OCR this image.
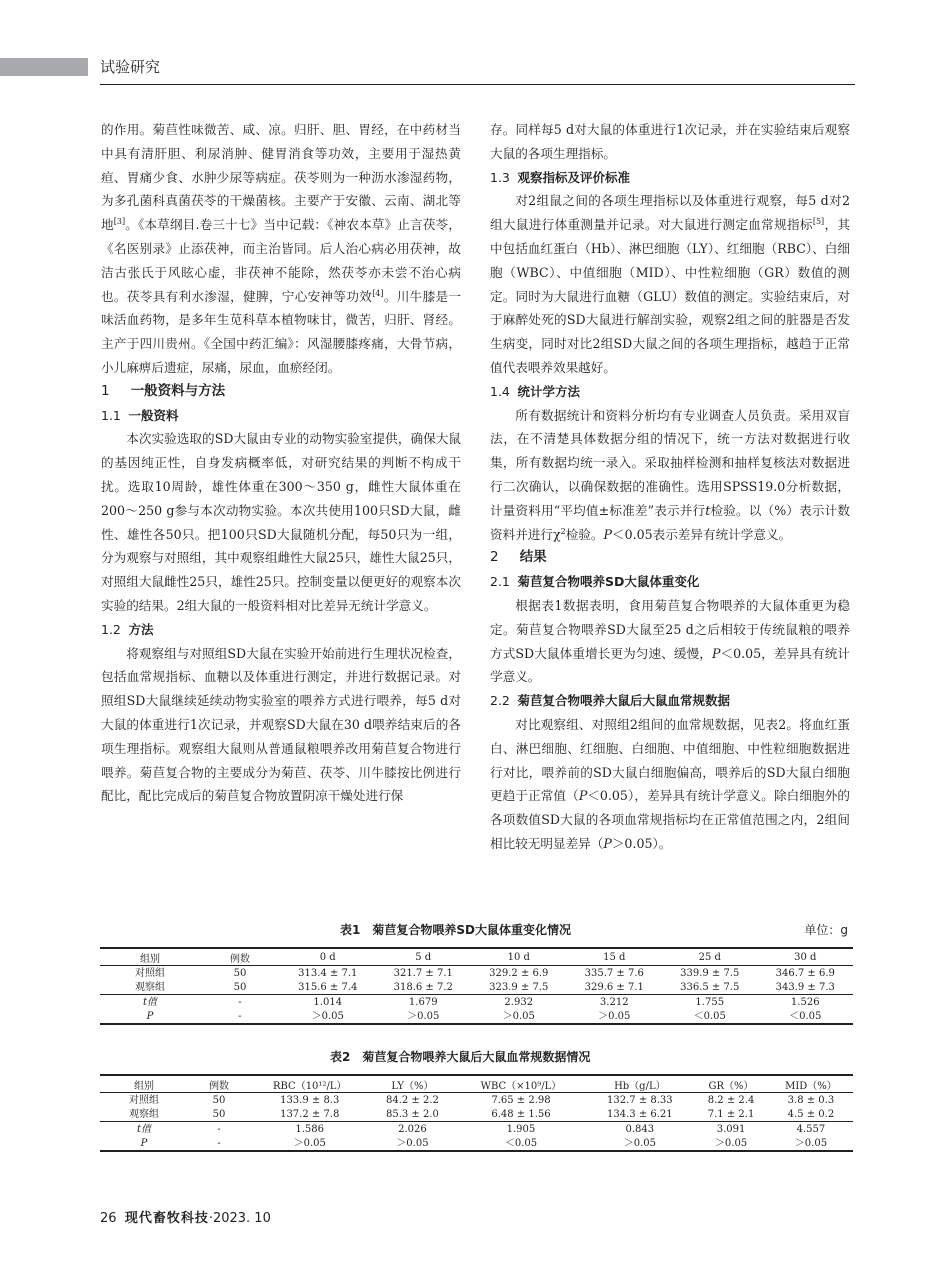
试验研究

的作用。菊苣性味微苦、咸、凉。归肝、胆、胃经，在中药材当中具有清肝胆、利尿消肿、健胃消食等功效，主要用于湿热黄疸、胃痛少食、水肿少尿等病症。茯苓则为一种沥水渗湿药物，为多孔菌科真菌茯苓的干燥菌核。主要产于安徽、云南、湖北等地[3]。《本草纲目.卷三十七》当中记载：《神农本草》止言茯苓，《名医别录》止添茯神，而主治皆同。后人治心病必用茯神，故洁古张氏于风眩心虚，非茯神不能除，然茯苓亦未尝不治心病也。茯苓具有利水渗湿，健脾，宁心安神等功效[4]。川牛膝是一味活血药物，是多年生苋科草本植物味甘，微苦，归肝、肾经。主产于四川贵州。《全国中药汇编》：风湿腰膝疼痛，大骨节病，小儿麻痹后遗症，尿痛，尿血，血瘀经闭。

1 一般资料与方法
1.1 一般资料

本次实验选取的SD大鼠由专业的动物实验室提供，确保大鼠的基因纯正性，自身发病概率低，对研究结果的判断不构成干扰。选取10周龄，雄性体重在300～350 g，雌性大鼠体重在200～250 g参与本次动物实验。本次共使用100只SD大鼠，雌性、雄性各50只。把100只SD大鼠随机分配，每50只为一组，分为观察与对照组，其中观察组雌性大鼠25只，雄性大鼠25只，对照组大鼠雌性25只，雄性25只。控制变量以便更好的观察本次实验的结果。2组大鼠的一般资料相对比差异无统计学意义。

1.2 方法

将观察组与对照组SD大鼠在实验开始前进行生理状况检查，包括血常规指标、血糖以及体重进行测定，并进行数据记录。对照组SD大鼠继续延续动物实验室的喂养方式进行喂养，每5 d对大鼠的体重进行1次记录，并观察SD大鼠在30 d喂养结束后的各项生理指标。观察组大鼠则从普通鼠粮喂养改用菊苣复合物进行喂养。菊苣复合物的主要成分为菊苣、茯苓、川牛膝按比例进行配比，配比完成后的菊苣复合物放置阴凉干燥处进行保

存。同样每5 d对大鼠的体重进行1次记录，并在实验结束后观察大鼠的各项生理指标。

1.3 观察指标及评价标准

对2组鼠之间的各项生理指标以及体重进行观察，每5 d对2组大鼠进行体重测量并记录。对大鼠进行测定血常规指标[5]，其中包括血红蛋白（Hb）、淋巴细胞（LY）、红细胞（RBC）、白细胞（WBC）、中值细胞（MID）、中性粒细胞（GR）数值的测定。同时为大鼠进行血糖（GLU）数值的测定。实验结束后，对于麻醉处死的SD大鼠进行解剖实验，观察2组之间的脏器是否发生病变，同时对比2组SD大鼠之间的各项生理指标，越趋于正常值代表喂养效果越好。

1.4 统计学方法

所有数据统计和资料分析均有专业调查人员负责。采用双盲法，在不清楚具体数据分组的情况下，统一方法对数据进行收集，所有数据均统一录入。采取抽样检测和抽样复核法对数据进行二次确认，以确保数据的准确性。选用SPSS19.0分析数据，计量资料用“平均值±标准差”表示并行t检验。以（%）表示计数资料并进行$\chi^2$检验。P＜0.05表示差异有统计学意义。

2 结果
2.1 菊苣复合物喂养SD大鼠体重变化

根据表1数据表明，食用菊苣复合物喂养的大鼠体重更为稳定。菊苣复合物喂养SD大鼠至25 d之后相较于传统鼠粮的喂养方式SD大鼠体重增长更为匀速、缓慢，P＜0.05，差异具有统计学意义。

2.2 菊苣复合物喂养大鼠后大鼠血常规数据

对比观察组、对照组2组间的血常规数据，见表2。将血红蛋白、淋巴细胞、红细胞、白细胞、中值细胞、中性粒细胞数据进行对比，喂养前的SD大鼠白细胞偏高，喂养后的SD大鼠白细胞更趋于正常值（P＜0.05），差异具有统计学意义。除白细胞外的各项数值SD大鼠的各项血常规指标均在正常值范围之内，2组间相比较无明显差异（P＞0.05）。

表1　菊苣复合物喂养SD大鼠体重变化情况	单位：g
组别	例数	0 d	5 d	10 d	15 d	25 d	30 d
对照组	50	313.4 ± 7.1	321.7 ± 7.1	329.2 ± 6.9	335.7 ± 7.6	339.9 ± 7.5	346.7 ± 6.9
观察组	50	315.6 ± 7.4	318.6 ± 7.2	323.9 ± 7.5	329.6 ± 7.1	336.5 ± 7.5	343.9 ± 7.3
t值	-	1.014	1.679	2.932	3.212	1.755	1.526
P	-	＞0.05	＞0.05	＞0.05	＞0.05	＜0.05	＜0.05
表2　菊苣复合物喂养大鼠后大鼠血常规数据情况
组别	例数	RBC（10¹²/L）	LY（%）	WBC（×10⁹/L）	Hb（g/L）	GR（%）	MID（%）
对照组	50	133.9 ± 8.3	84.2 ± 2.2	7.65 ± 2.98	132.7 ± 8.33	8.2 ± 2.4	3.8 ± 0.3
观察组	50	137.2 ± 7.8	85.3 ± 2.0	6.48 ± 1.56	134.3 ± 6.21	7.1 ± 2.1	4.5 ± 0.2
t值	-	1.586	2.026	1.905	0.843	3.091	4.557
P	-	＞0.05	＞0.05	＜0.05	＞0.05	＞0.05	＞0.05
26 现代畜牧科技·2023. 10
